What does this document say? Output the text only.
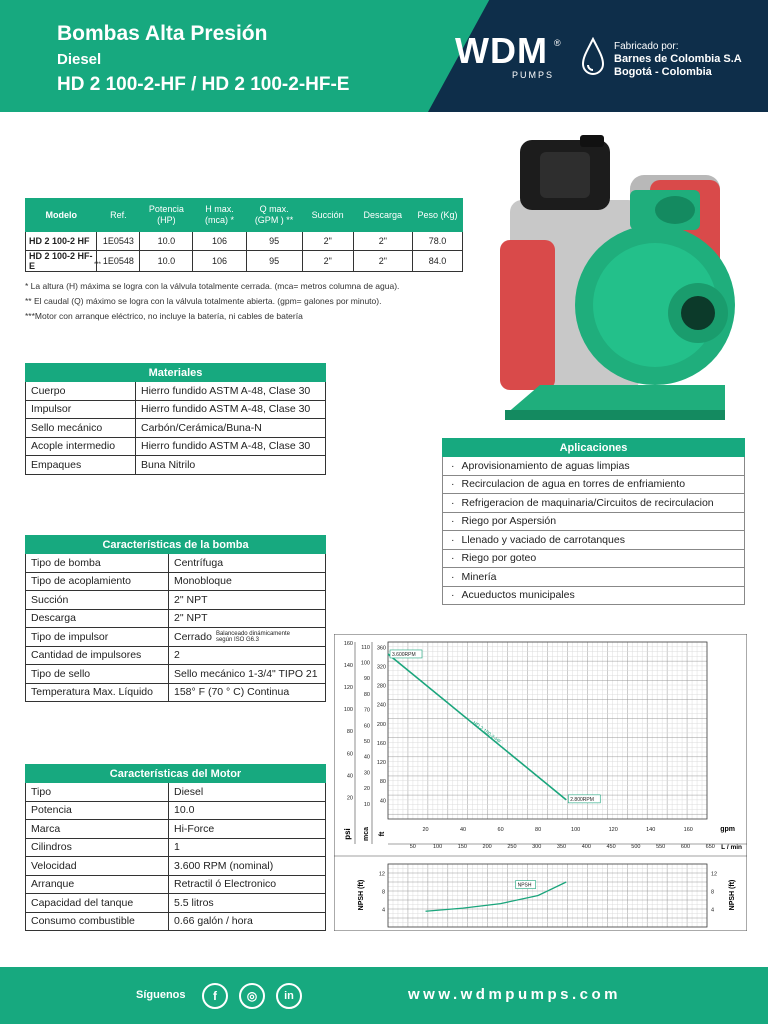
Bombas Alta Presión
Diesel
HD 2 100-2-HF / HD 2 100-2-HF-E
WDM ®
PUMPS
Fabricado por:
Barnes de Colombia S.A
Bogotá - Colombia
Modelo	Ref.	Potencia (HP)	H max. (mca) *	Q max. (GPM ) **	Succión	Descarga	Peso (Kg)
HD 2 100-2 HF	1E0543	10.0	106	95	2"	2"	78.0
HD 2 100-2 HF-E ***	1E0548	10.0	106	95	2"	2"	84.0
* La altura (H) máxima se logra con la válvula totalmente cerrada. (mca= metros columna de agua).
** El caudal (Q) máximo se logra con la válvula totalmente abierta. (gpm= galones por minuto).
***Motor con arranque eléctrico, no incluye la batería, ni cables de batería
Materiales	
Cuerpo	Hierro fundido ASTM A-48, Clase 30
Impulsor	Hierro fundido ASTM A-48, Clase 30
Sello mecánico	Carbón/Cerámica/Buna-N
Acople intermedio	Hierro fundido ASTM A-48, Clase 30
Empaques	Buna Nitrilo
Aplicaciones
· Aprovisionamiento de aguas limpias
· Recirculacion de agua en torres de enfriamiento
· Refrigeracion de maquinaria/Circuitos de recirculacion
· Riego por Aspersión
· Llenado y vaciado de carrotanques
· Riego por goteo
· Minería
· Acueductos municipales
Características de la bomba	
Tipo de bomba	Centrífuga
Tipo de acoplamiento	Monobloque
Succión	2" NPT
Descarga	2" NPT
Tipo de impulsor	Cerrado Balanceado dinámicamente
según ISO G6.3
Cantidad de impulsores	2
Tipo de sello	Sello mecánico 1-3/4" TIPO 21
Temperatura Max. Líquido	158° F (70 ° C) Continua
Características del Motor	
Tipo	Diesel
Potencia	10.0
Marca	Hi-Force
Cilindros	1
Velocidad	3.600 RPM (nominal)
Arranque	Retractil ó Electronico
Capacidad del tanque	5.5 litros
Consumo combustible	0.66 galón / hora
360
320
280
240
200
160
120
80
40
110
100
90
80
70
60
50
40
30
20
10
160
140
120
100
80
60
40
20
20	40	60	80	100	120	140	160
50	100	150	200	250	300	350	400	450	500	550	600	650
gpm
L / min
psi mca ft
3.600RPM
2.800RPM
HD 2 100-2-HF
12	12
8	8
4	4
NPSH (ft)	NPSH (ft)
NPSH
Síguenos	f	◎	in	www.wdmpumps.com
